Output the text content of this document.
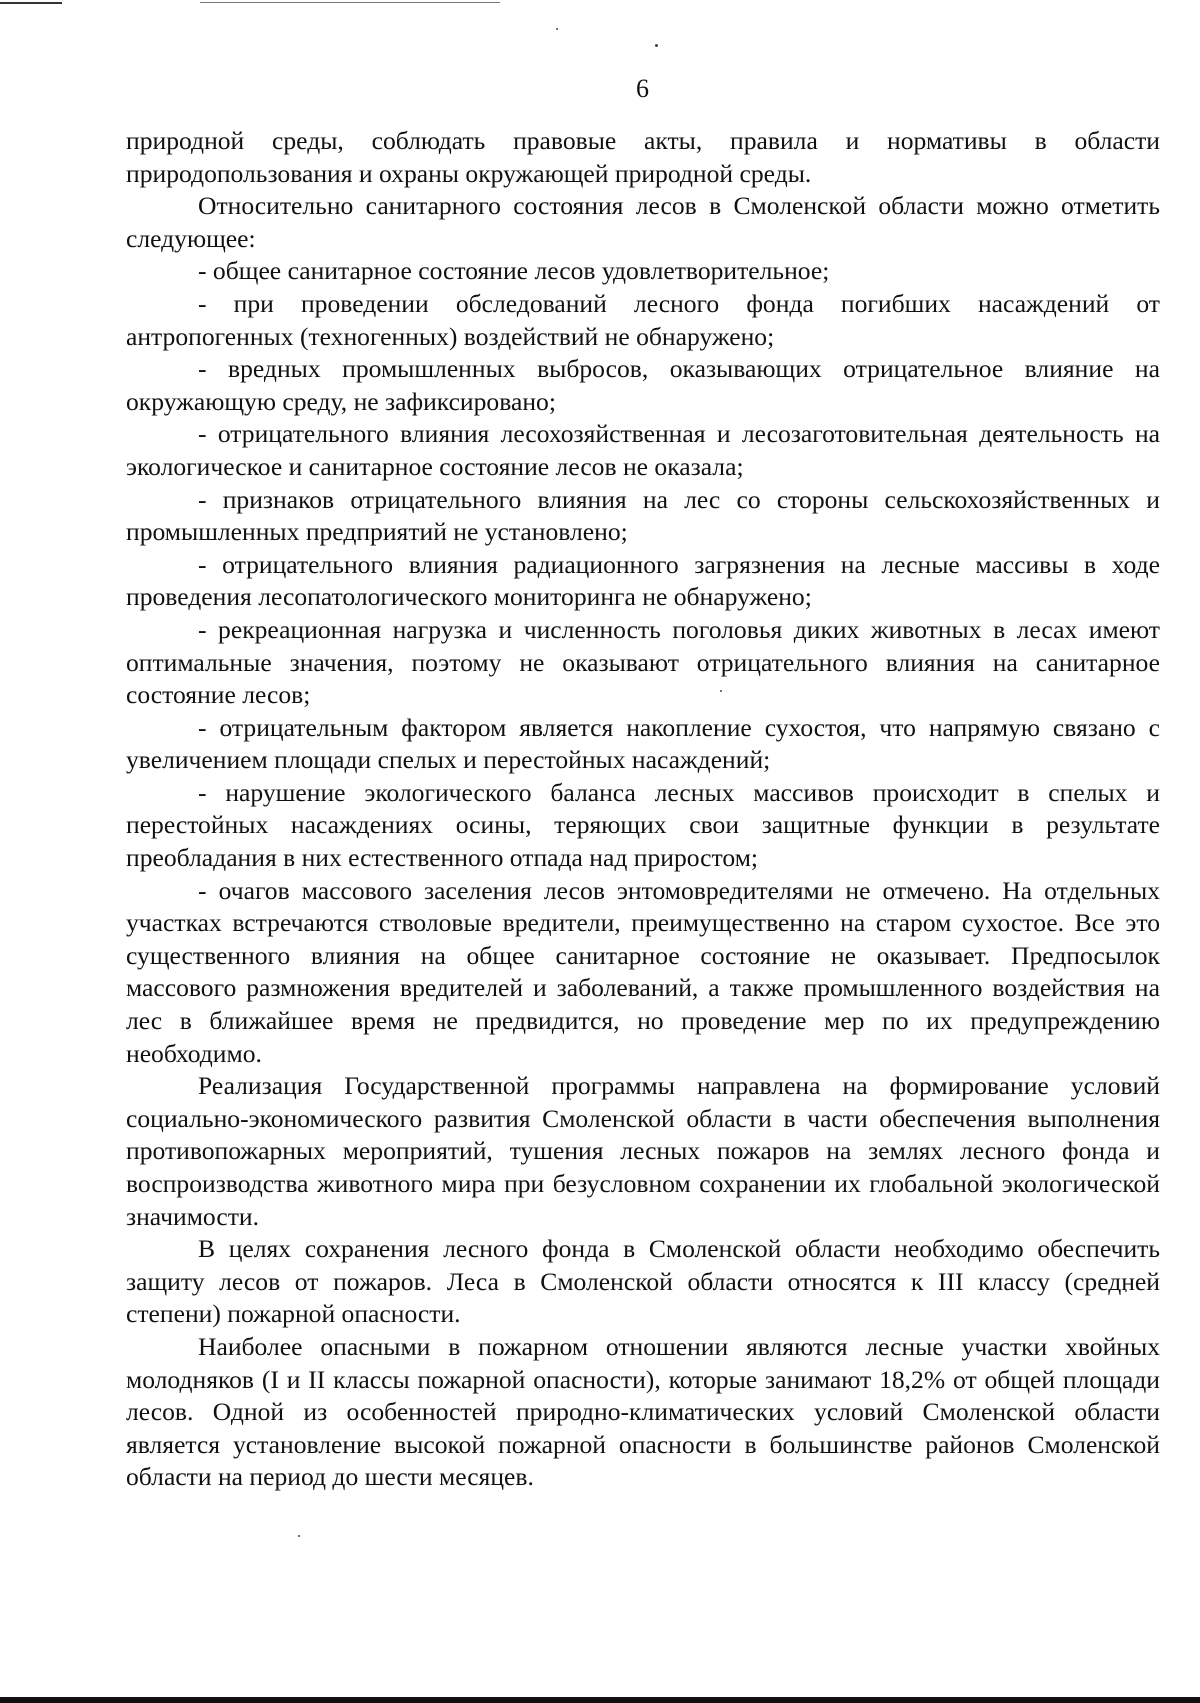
6

природной среды, соблюдать правовые акты, правила и нормативы в области природопользования и охраны окружающей природной среды.

Относительно санитарного состояния лесов в Смоленской области можно отметить следующее:

- общее санитарное состояние лесов удовлетворительное;

- при проведении обследований лесного фонда погибших насаждений от антропогенных (техногенных) воздействий не обнаружено;

- вредных промышленных выбросов, оказывающих отрицательное влияние на окружающую среду, не зафиксировано;

- отрицательного влияния лесохозяйственная и лесозаготовительная деятельность на экологическое и санитарное состояние лесов не оказала;

- признаков отрицательного влияния на лес со стороны сельскохозяйственных и промышленных предприятий не установлено;

- отрицательного влияния радиационного загрязнения на лесные массивы в ходе проведения лесопатологического мониторинга не обнаружено;

- рекреационная нагрузка и численность поголовья диких животных в лесах имеют оптимальные значения, поэтому не оказывают отрицательного влияния на санитарное состояние лесов;

- отрицательным фактором является накопление сухостоя, что напрямую связано с увеличением площади спелых и перестойных насаждений;

- нарушение экологического баланса лесных массивов происходит в спелых и перестойных насаждениях осины, теряющих свои защитные функции в результате преобладания в них естественного отпада над приростом;

- очагов массового заселения лесов энтомовредителями не отмечено. На отдельных участках встречаются стволовые вредители, преимущественно на старом сухостое. Все это существенного влияния на общее санитарное состояние не оказывает. Предпосылок массового размножения вредителей и заболеваний, а также промышленного воздействия на лес в ближайшее время не предвидится, но проведение мер по их предупреждению необходимо.

Реализация Государственной программы направлена на формирование условий социально-экономического развития Смоленской области в части обеспечения выполнения противопожарных мероприятий, тушения лесных пожаров на землях лесного фонда и воспроизводства животного мира при безусловном сохранении их глобальной экологической значимости.

В целях сохранения лесного фонда в Смоленской области необходимо обеспечить защиту лесов от пожаров. Леса в Смоленской области относятся к III классу (средней степени) пожарной опасности.

Наиболее опасными в пожарном отношении являются лесные участки хвойных молодняков (I и II классы пожарной опасности), которые занимают 18,2% от общей площади лесов. Одной из особенностей природно-климатических условий Смоленской области является установление высокой пожарной опасности в большинстве районов Смоленской области на период до шести месяцев.
